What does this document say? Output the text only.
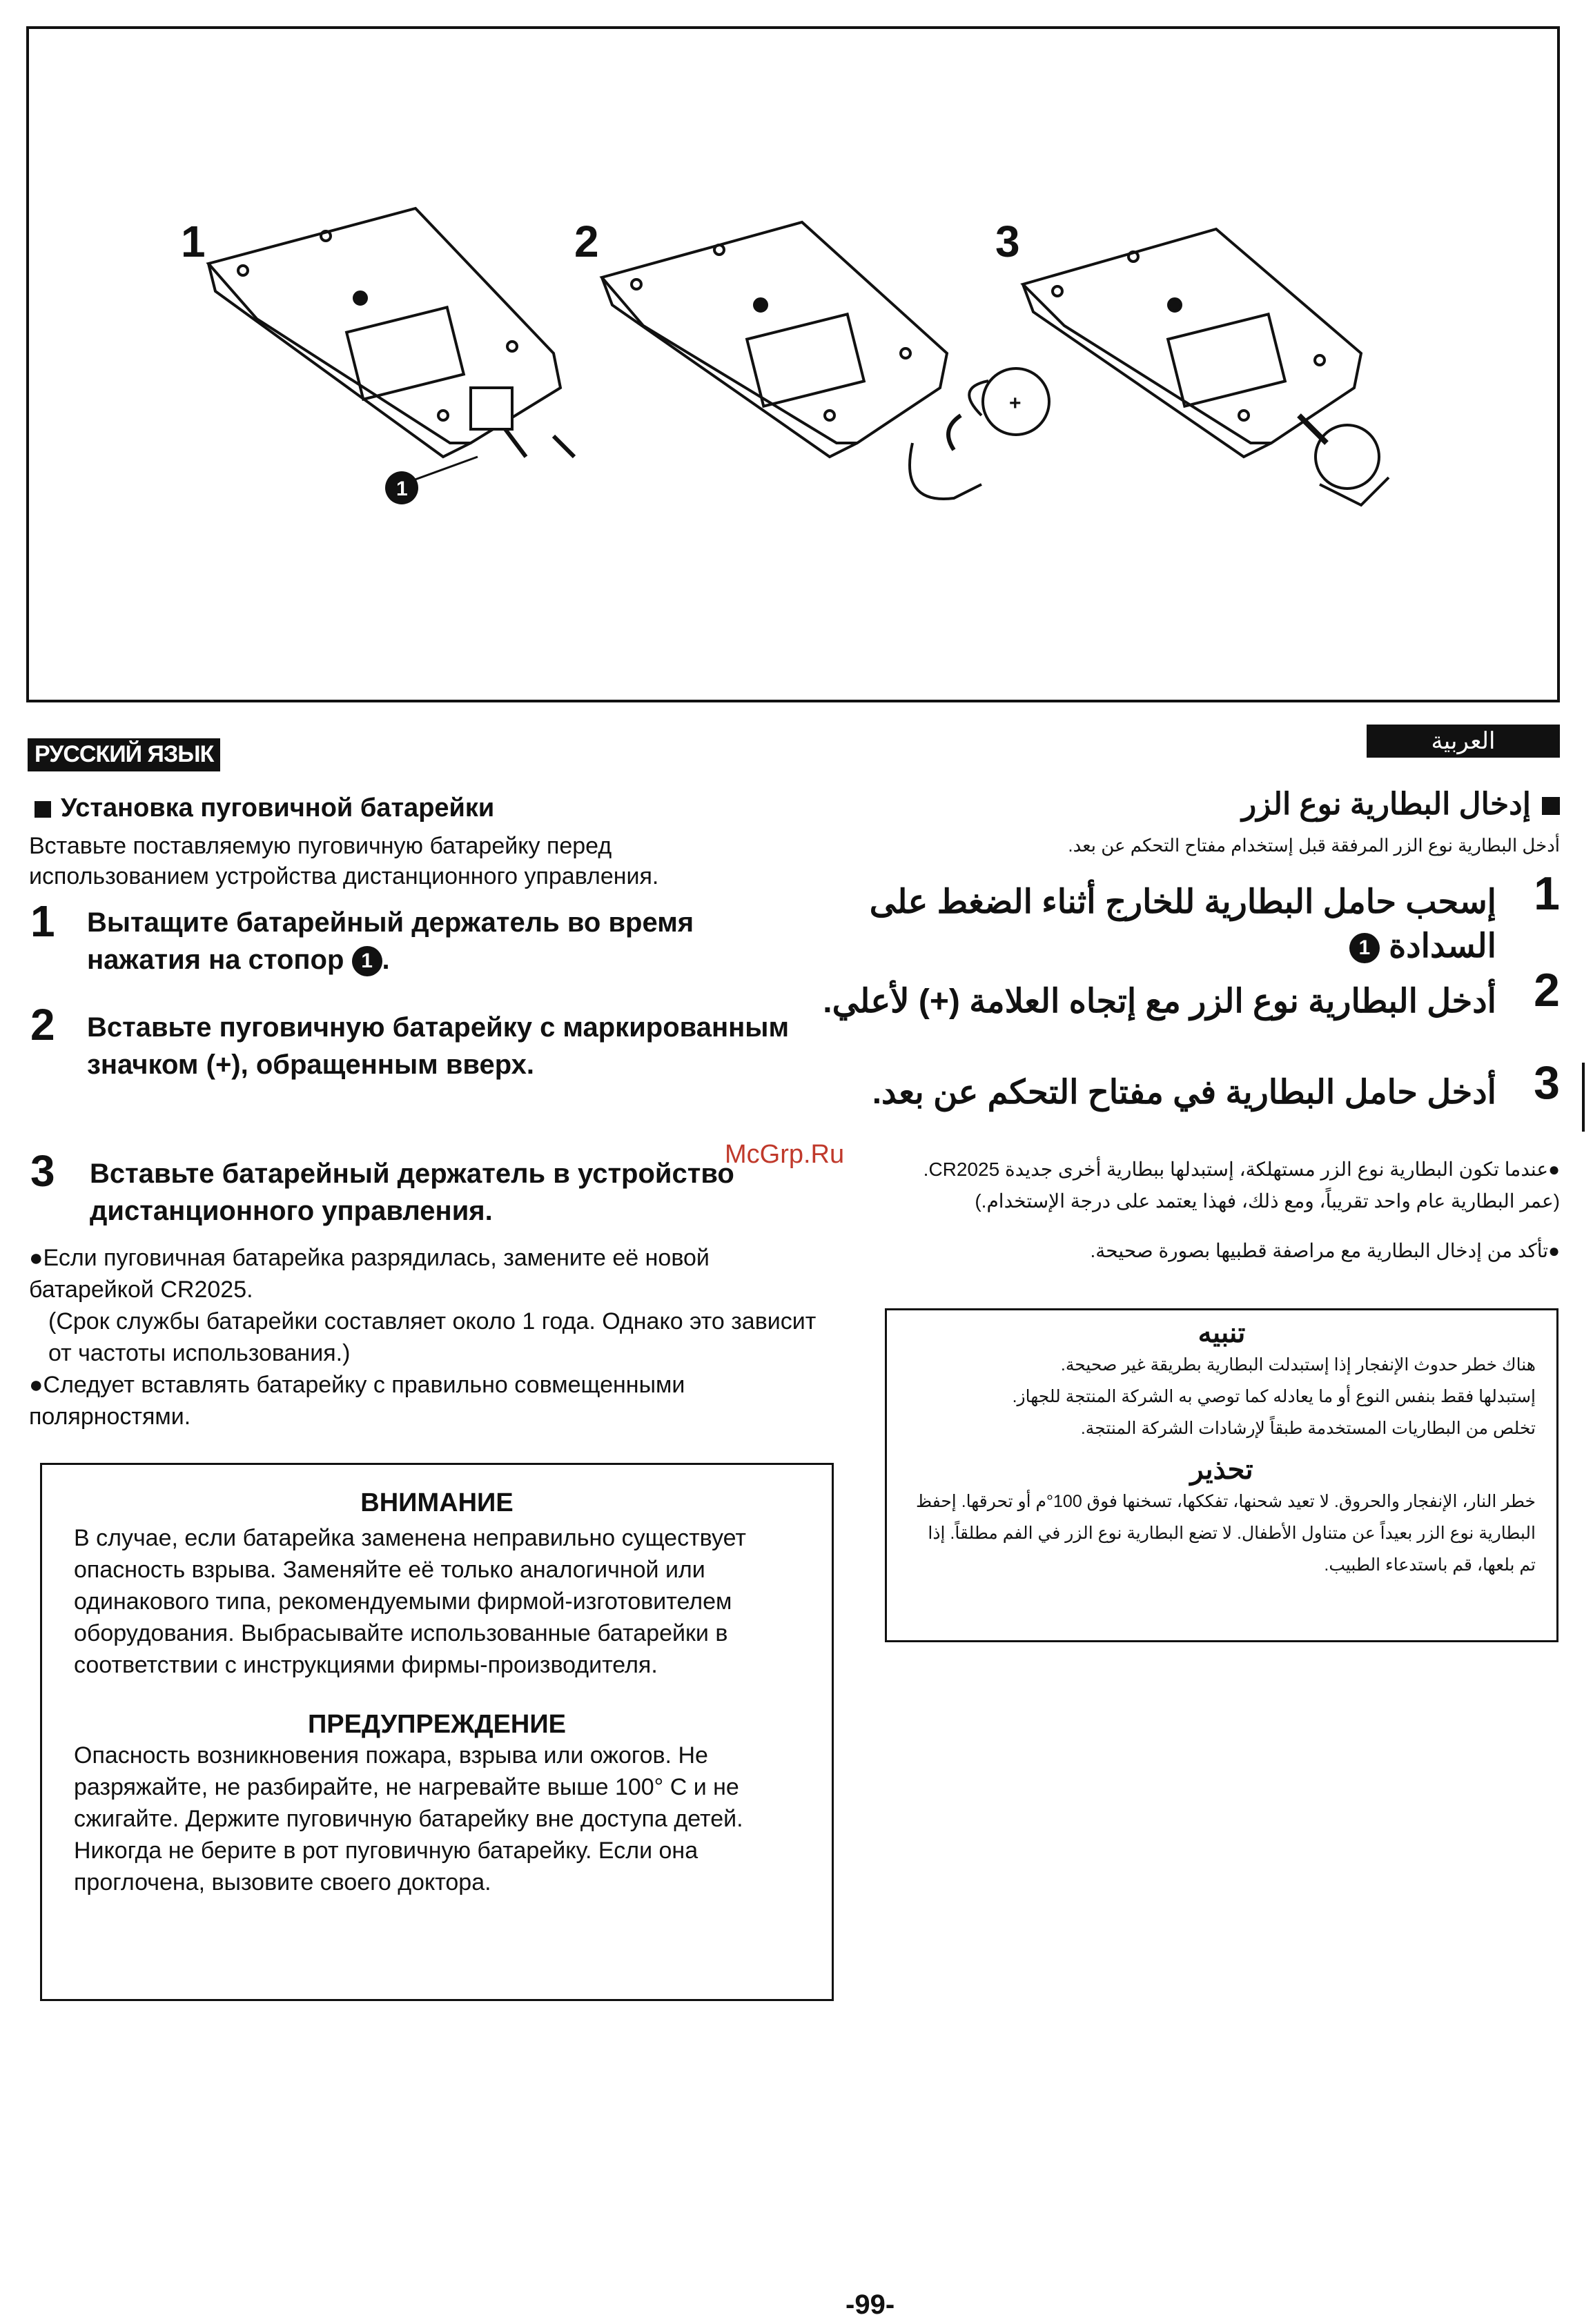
1	2	3
1
+
РУССКИЙ ЯЗЫК	العربية
Установка пуговичной батарейки
Вставьте поставляемую пуговичную батарейку перед использованием устройства дистанционного управления.
1 Вытащите батарейный держатель во время нажатия на стопор 1 .
2 Вставьте пуговичную батарейку с маркированным значком (+), обращенным вверх.
3 Вставьте батарейный держатель в устройство дистанционного управления.

●Если пуговичная батарейка разрядилась, замените её новой батарейкой CR2025.

(Срок службы батарейки составляет около 1 года. Однако это зависит от частоты использования.)

●Следует вставлять батарейку с правильно совмещенными полярностями.

ВНИМАНИЕ
В случае, если батарейка заменена неправильно существует опасность взрыва. Заменяйте её только аналогичной или одинакового типа, рекомендуемыми фирмой-изготовителем оборудования. Выбрасывайте использованные батарейки в соответствии с инструкциями фирмы-производителя.
ПРЕДУПРЕЖДЕНИЕ
Опасность возникновения пожара, взрыва или ожогов. Не разряжайте, не разбирайте, не нагревайте выше 100° C и не сжигайте. Держите пуговичную батарейку вне доступа детей. Никогда не берите в рот пуговичную батарейку. Если она проглочена, вызовите своего доктора.
إدخال البطارية نوع الزر
أدخل البطارية نوع الزر المرفقة قبل إستخدام مفتاح التحكم عن بعد.
1
إسحب حامل البطارية للخارج أثناء الضغط على السدادة 1
2
أدخل البطارية نوع الزر مع إتجاه العلامة (+) لأعلي.
3
أدخل حامل البطارية في مفتاح التحكم عن بعد.

●عندما تكون البطارية نوع الزر مستهلكة، إستبدلها ببطارية أخرى جديدة CR2025.

(عمر البطارية عام واحد تقريباً، ومع ذلك، فهذا يعتمد على درجة الإستخدام.)

●تأكد من إدخال البطارية مع مراصفة قطبيها بصورة صحيحة.

تنبيه
هناك خطر حدوث الإنفجار إذا إستبدلت البطارية بطريقة غير صحيحة.
إستبدلها فقط بنفس النوع أو ما يعادله كما توصي به الشركة المنتجة للجهاز.
تخلص من البطاريات المستخدمة طبقاً لإرشادات الشركة المنتجة.
تحذير
خطر النار، الإنفجار والحروق. لا تعيد شحنها، تفككها، تسخنها فوق 100°م أو تحرقها. إحفظ البطارية نوع الزر بعيداً عن متناول الأطفال. لا تضع البطارية نوع الزر في الفم مطلقاً. إذا تم بلعها، قم باستدعاء الطبيب.
McGrp.Ru
-99-
